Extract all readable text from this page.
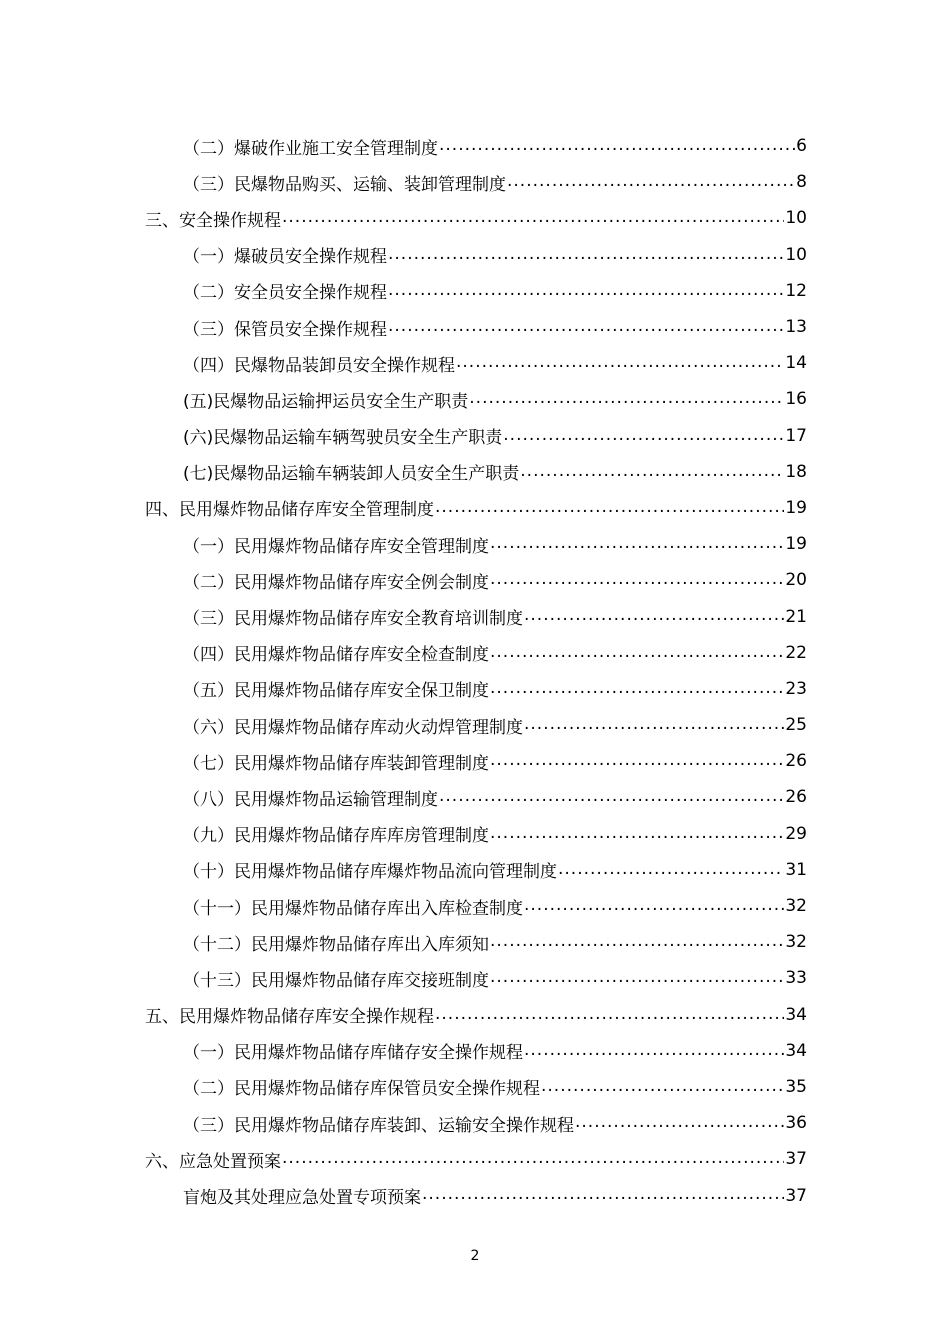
（二）爆破作业施工安全管理制度 .....	6
（三）民爆物品购买、运输、装卸管理制度 .....	8
三、安全操作规程 .....	10
（一）爆破员安全操作规程 .....	10
（二）安全员安全操作规程 .....	12
（三）保管员安全操作规程 .....	13
（四）民爆物品装卸员安全操作规程 .....	14
(五)民爆物品运输押运员安全生产职责 .....	16
(六)民爆物品运输车辆驾驶员安全生产职责 .....	17
(七)民爆物品运输车辆装卸人员安全生产职责 .....	18
四、民用爆炸物品储存库安全管理制度 .....	19
（一）民用爆炸物品储存库安全管理制度 .....	19
（二）民用爆炸物品储存库安全例会制度 .....	20
（三）民用爆炸物品储存库安全教育培训制度 .....	21
（四）民用爆炸物品储存库安全检查制度 .....	22
（五）民用爆炸物品储存库安全保卫制度 .....	23
（六）民用爆炸物品储存库动火动焊管理制度 .....	25
（七）民用爆炸物品储存库装卸管理制度 .....	26
（八）民用爆炸物品运输管理制度 .....	26
（九）民用爆炸物品储存库库房管理制度 .....	29
（十）民用爆炸物品储存库爆炸物品流向管理制度 .....	31
（十一）民用爆炸物品储存库出入库检查制度 .....	32
（十二）民用爆炸物品储存库出入库须知 .....	32
（十三）民用爆炸物品储存库交接班制度 .....	33
五、民用爆炸物品储存库安全操作规程 .....	34
（一）民用爆炸物品储存库储存安全操作规程 .....	34
（二）民用爆炸物品储存库保管员安全操作规程 .....	35
（三）民用爆炸物品储存库装卸、运输安全操作规程 .....	36
六、应急处置预案 .....	37
盲炮及其处理应急处置专项预案 .....	37
2
